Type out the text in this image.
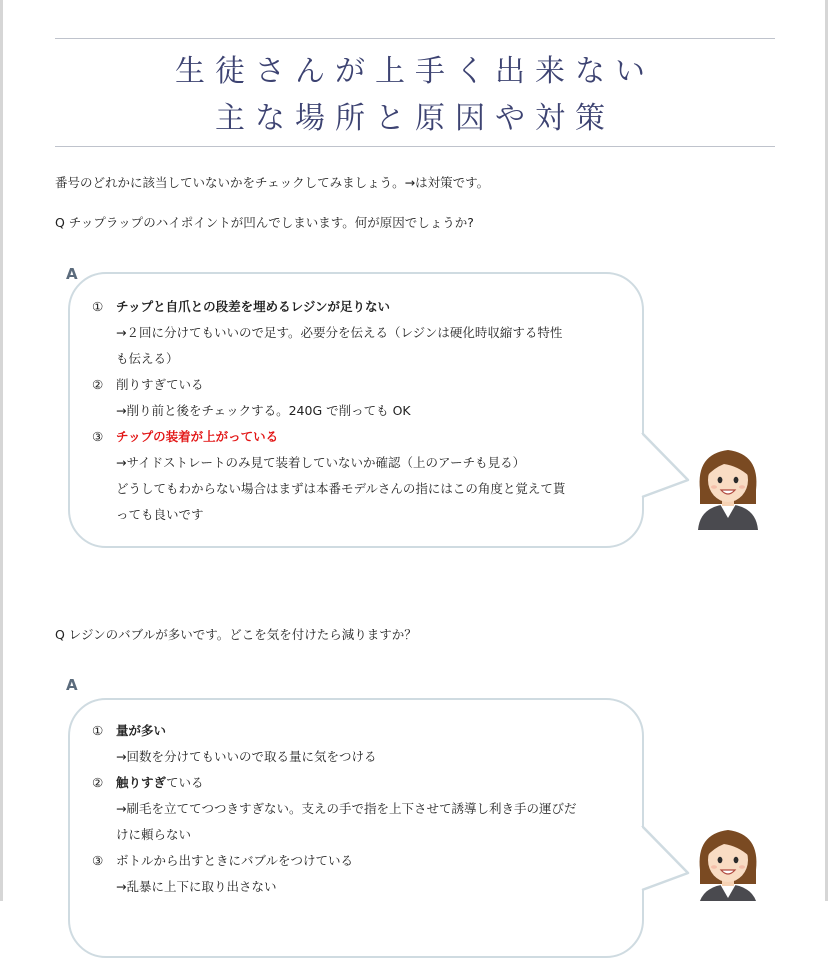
生徒さんが上手く出来ない
主な場所と原因や対策
番号のどれかに該当していないかをチェックしてみましょう。→は対策です。
Q チップラップのハイポイントが凹んでしまいます。何が原因でしょうか?
A
① チップと自爪との段差を埋めるレジンが足りない
→２回に分けてもいいので足す。必要分を伝える（レジンは硬化時収縮する特性
も伝える）
② 削りすぎている
→削り前と後をチェックする。240G で削っても OK
③ チップの装着が上がっている
→サイドストレートのみ見て装着していないか確認（上のアーチも見る）
どうしてもわからない場合はまずは本番モデルさんの指にはこの角度と覚えて貰
っても良いです
Q レジンのバブルが多いです。どこを気を付けたら減りますか？
A
① 量が多い
→回数を分けてもいいので取る量に気をつける
② 触りすぎている
→刷毛を立ててつつきすぎない。支えの手で指を上下させて誘導し利き手の運びだ
けに頼らない
③ ボトルから出すときにバブルをつけている
→乱暴に上下に取り出さない
